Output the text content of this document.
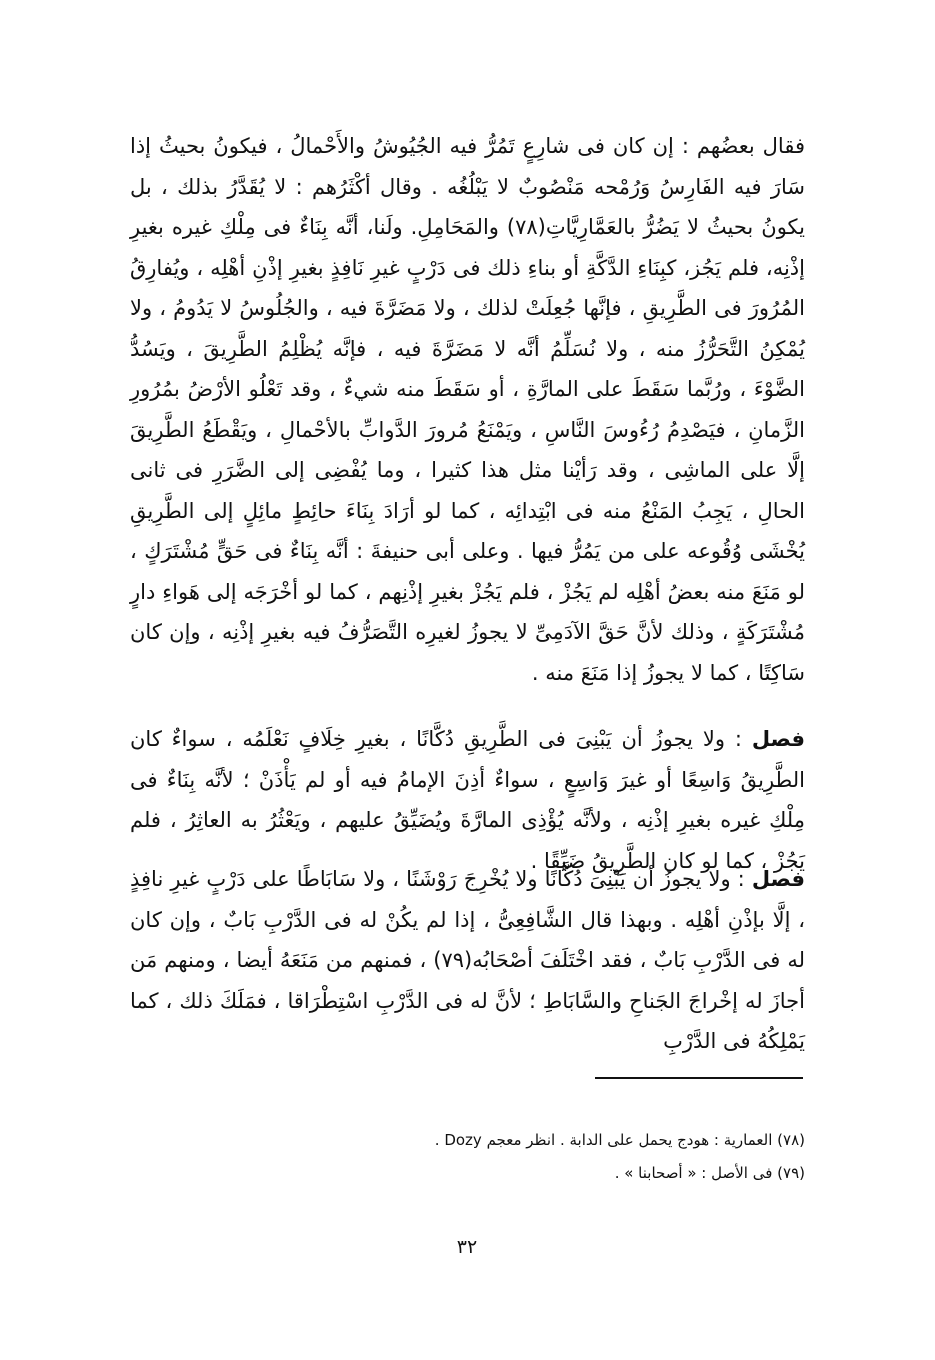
فقال بعضُهم : إن كان فى شارِعٍ تَمُرُّ فيه الجُيُوشُ والأَحْمالُ ، فيكونُ بحيثُ إذا سَارَ فيه الفَارِسُ وَرُمْحه مَنْصُوبٌ لا يَبْلُغُه . وقال أكْثَرُهم : لا يُقَدَّرُ بذلك ، بل يكونُ بحيثُ لا يَضُرُّ بالعَمَّارِيَّاتِ(٧٨) والمَحَامِلِ. ولَنا، أنَّه بِنَاءٌ فى مِلْكِ غيره بغيرِ إذْنِه، فلم يَجُز، كبِنَاءِ الدَّكَّةِ أو بناءِ ذلك فى دَرْبٍ غيرِ نَافِذٍ بغيرِ إذْنِ أهْلِه ، ويُفارِقُ المُرُورَ فى الطَّرِيقِ ، فإنَّها جُعِلَتْ لذلك ، ولا مَضَرَّةَ فيه ، والجُلُوسُ لا يَدُومُ ، ولا يُمْكِنُ التَّحَرُّزُ منه ، ولا نُسَلِّمُ أنَّه لا مَضَرَّةَ فيه ، فإنَّه يُظْلِمُ الطَّرِيقَ ، ويَسُدُّ الضَّوْءَ ، ورُبَّما سَقَطَ على المارَّةِ ، أو سَقَطَ منه شيءٌ ، وقد تَعْلُو الأرْضُ بمُرُورِ الزَّمانِ ، فيَصْدِمُ رُءُوسَ النَّاسِ ، ويَمْنَعُ مُرورَ الدَّوابِّ بالأحْمالِ ، ويَقْطَعُ الطَّرِيقَ إلَّا على الماشِى ، وقد رَأيْنا مثل هذا كثيرا ، وما يُفْضِى إلى الضَّرَرِ فى ثانى الحالِ ، يَجِبُ المَنْعُ منه فى ابْتِدائِه ، كما لو أرَادَ بِنَاءَ حائِطٍ مائِلٍ إلى الطَّرِيقِ يُخْشَى وُقُوعه على من يَمُرُّ فيها . وعلى أبى حنيفةَ : أنَّه بِنَاءٌ فى حَقٍّ مُشْتَرَكٍ ، لو مَنَعَ منه بعضُ أهْلِه لم يَجُزْ ، فلم يَجُزْ بغيرِ إذْنِهم ، كما لو أخْرَجَه إلى هَواءِ دارٍ مُشْتَرَكَةٍ ، وذلك لأنَّ حَقَّ الآدَمِىِّ لا يجوزُ لغيرِه التَّصَرُّفُ فيه بغيرِ إذْنِه ، وإن كان سَاكِتًا ، كما لا يجوزُ إذا مَنَعَ منه .
فصل : ولا يجوزُ أن يَبْنِىَ فى الطَّرِيقِ دُكَّانًا ، بغيرِ خِلَافٍ نَعْلَمُه ، سواءٌ كان الطَّرِيقُ وَاسِعًا أو غيرَ وَاسِعٍ ، سواءٌ أذِنَ الإمامُ فيه أو لم يَأْذَنْ ؛ لأنَّه بِنَاءٌ فى مِلْكِ غيره بغيرِ إذْنِه ، ولأنَّه يُؤْذِى المارَّةَ ويُضَيِّقُ عليهم ، ويَعْثُرُ به العاثِرُ ، فلم يَجُزْ ، كما لو كان الطَّرِيقُ ضَيِّقًا .
فصل : ولا يجوزُ أن يَبْنِىَ دُكَّانًا ولا يُخْرِجَ رَوْشَنًا ، ولا سَابَاطًا على دَرْبٍ غيرِ نافِذٍ ، إلَّا بإذْنِ أهْلِه . وبهذا قال الشَّافِعِىُّ ، إذا لم يكُنْ له فى الدَّرْبِ بَابٌ ، وإن كان له فى الدَّرْبِ بَابٌ ، فقد اخْتَلَفَ أصْحَابُه(٧٩) ، فمنهم من مَنَعَهُ أيضا ، ومنهم مَن أجازَ له إخْراجَ الجَناحِ والسَّابَاطِ ؛ لأنَّ له فى الدَّرْبِ اسْتِطْرَاقا ، فمَلَكَ ذلك ، كما يَمْلِكُهُ فى الدَّرْبِ
(٧٨) العمارية : هودج يحمل على الدابة . انظر معجم Dozy .
(٧٩) فى الأصل : « أصحابنا » .
٣٢
